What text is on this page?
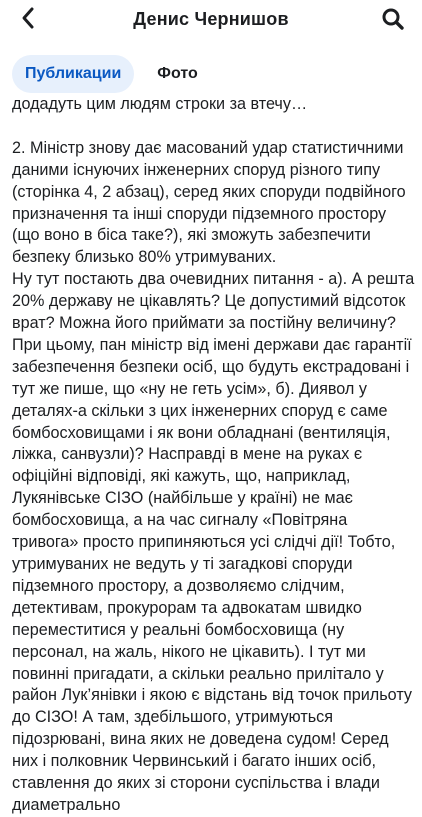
Денис Чернишов
Публикации	Фото

додадуть цим людям строки за втечу…

2. Міністр знову дає масований удар статистичними даними існуючих інженерних споруд різного типу (сторінка 4, 2 абзац), серед яких споруди подвійного призначення та інші споруди підземного простору (що воно в біса таке?), які зможуть забезпечити безпеку близько 80% утримуваних.

Ну тут постають два очевидних питання - а). А решта 20% державу не цікавлять? Це допустимий відсоток врат? Можна його приймати за постійну величину? При цьому, пан міністр від імені держави дає гарантії забезпечення безпеки осіб, що будуть екстрадовані і тут же пише, що «ну не геть усім», б). Диявол у деталях-а скільки з цих інженерних споруд є саме бомбосховищами і як вони обладнані (вентиляція, ліжка, санвузли)? Насправді в мене на руках є офіційні відповіді, які кажуть, що, наприклад, Лукянівське СІЗО (найбільше у країні) не має бомбосховища, а на час сигналу «Повітряна тривога» просто припиняються усі слідчі дії! Тобто, утримуваних не ведуть у ті загадкові споруди підземного простору, а дозволяємо слідчим, детективам, прокурорам та адвокатам швидко переместитися у реальні бомбосховища (ну персонал, на жаль, нікого не цікавить). І тут ми повинні пригадати, а скільки реально прилітало у район Лук’янівки і якою є відстань від точок прильоту до СІЗО! А там, здебільшого, утримуються підозрювані, вина яких не доведена судом! Серед них і полковник Червинський і багато інших осіб, ставлення до яких зі сторони суспільства і влади диаметрально
